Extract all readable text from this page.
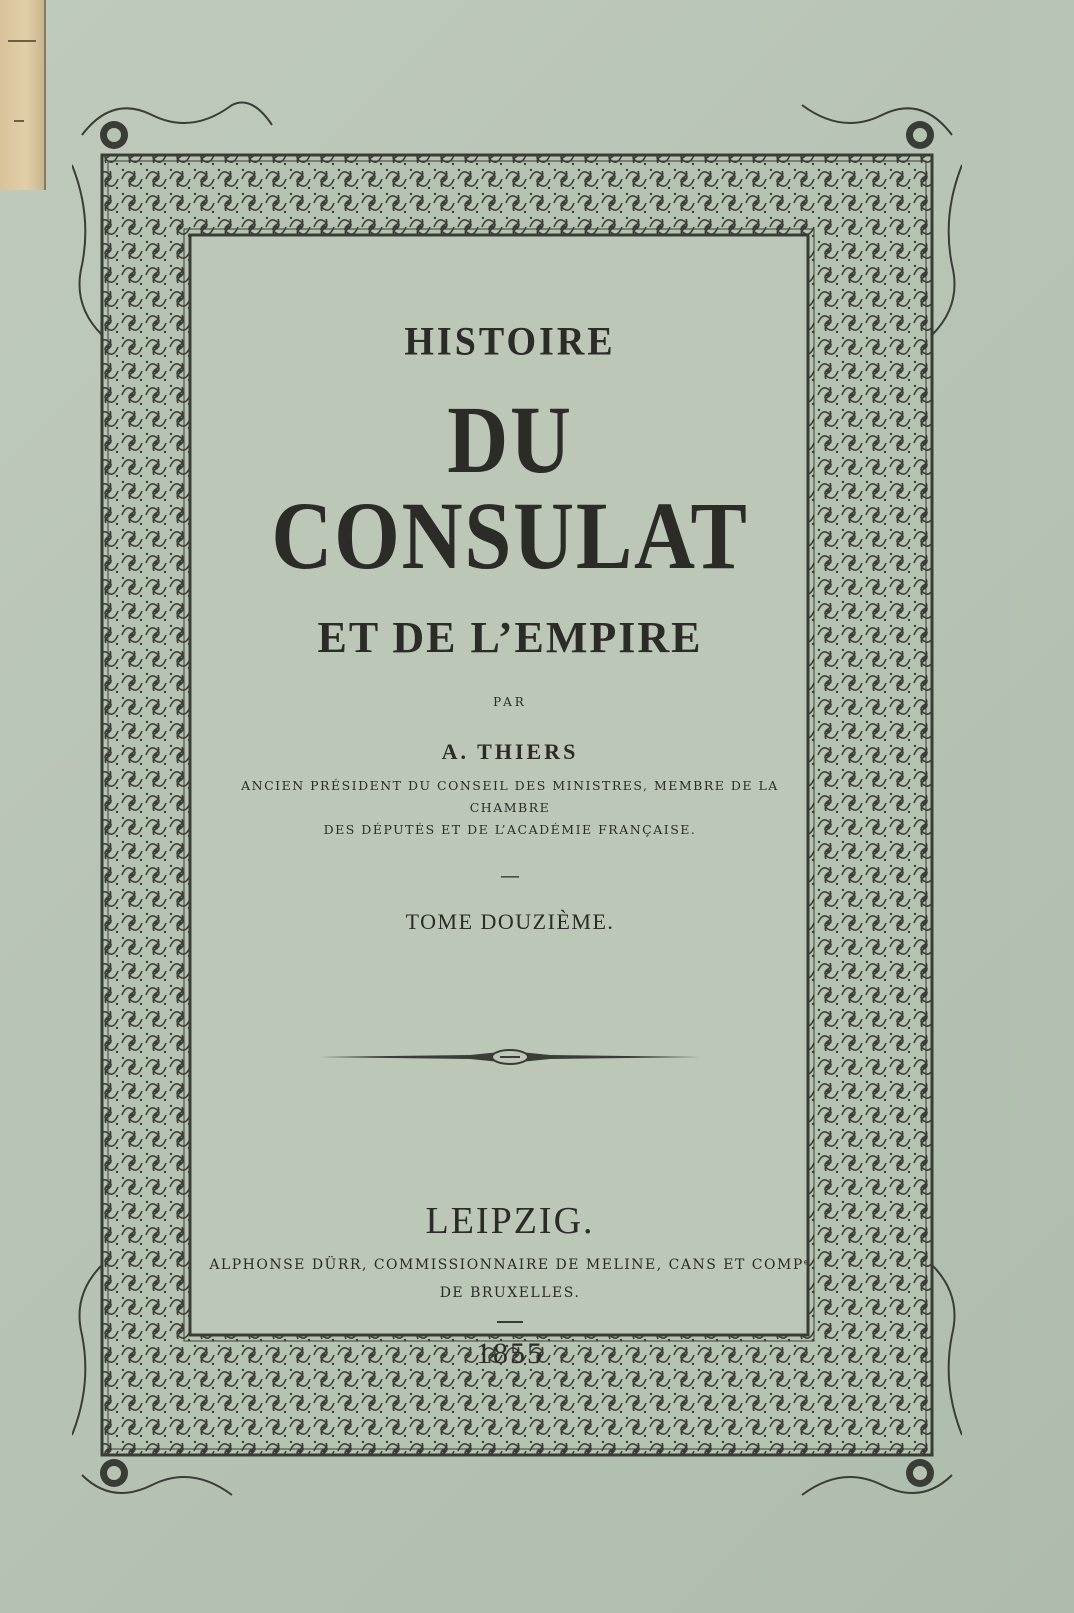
HISTOIRE
DU CONSULAT
ET DE L’EMPIRE
PAR
A. THIERS
ANCIEN PRÉSIDENT DU CONSEIL DES MINISTRES, MEMBRE DE LA CHAMBRE
DES DÉPUTÉS ET DE L’ACADÉMIE FRANÇAISE.
—
TOME DOUZIÈME.
LEIPZIG.
ALPHONSE DÜRR, COMMISSIONNAIRE DE MELINE, CANS ET COMPᵉ
DE BRUXELLES.
1855
